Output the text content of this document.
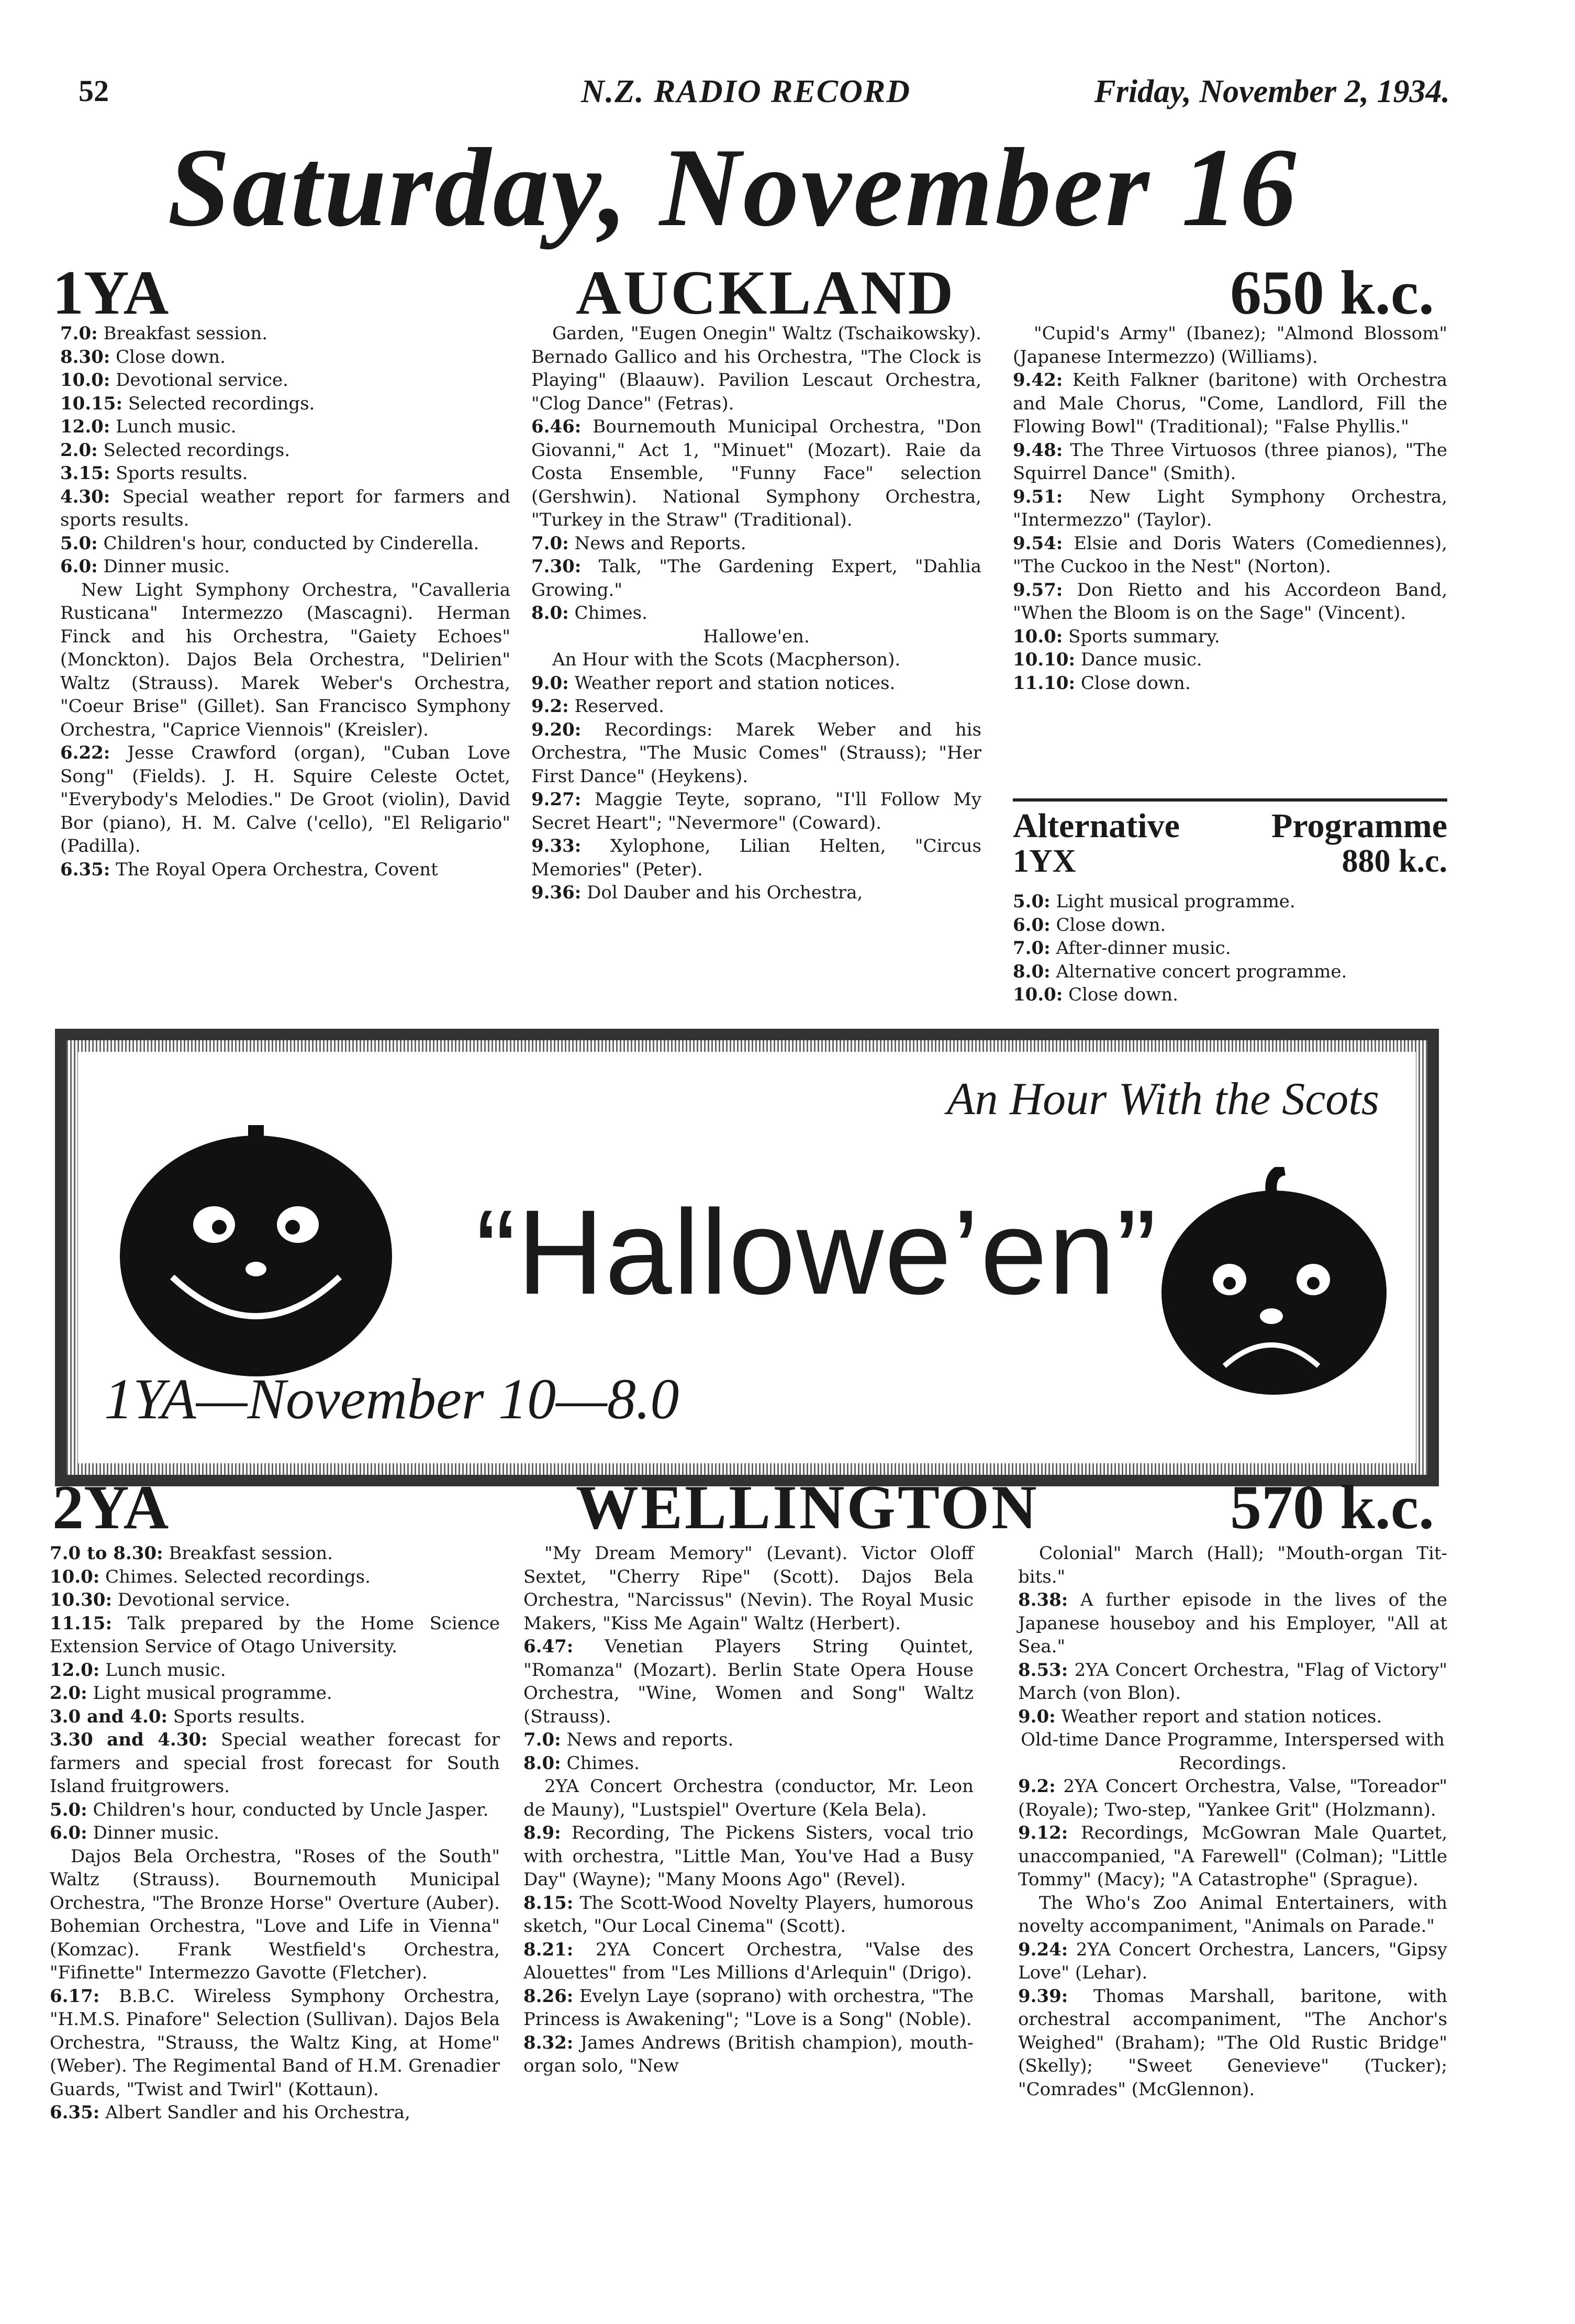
52	N.Z. RADIO RECORD	Friday, November 2, 1934.
Saturday, November 16
1YA	AUCKLAND	650 k.c.

7.0: Breakfast session.

8.30: Close down.

10.0: Devotional service.

10.15: Selected recordings.

12.0: Lunch music.

2.0: Selected recordings.

3.15: Sports results.

4.30: Special weather report for farmers and sports results.

5.0: Children's hour, conducted by Cinderella.

6.0: Dinner music.

New Light Symphony Orchestra, "Cavalleria Rusticana" Intermezzo (Mascagni). Herman Finck and his Orchestra, "Gaiety Echoes" (Monckton). Dajos Bela Orchestra, "Delirien" Waltz (Strauss). Marek Weber's Orchestra, "Coeur Brise" (Gillet). San Francisco Symphony Orchestra, "Caprice Viennois" (Kreisler).

6.22: Jesse Crawford (organ), "Cuban Love Song" (Fields). J. H. Squire Celeste Octet, "Everybody's Melodies." De Groot (violin), David Bor (piano), H. M. Calve ('cello), "El Religario" (Padilla).

6.35: The Royal Opera Orchestra, Covent

Garden, "Eugen Onegin" Waltz (Tschaikowsky). Bernado Gallico and his Orchestra, "The Clock is Playing" (Blaauw). Pavilion Lescaut Orchestra, "Clog Dance" (Fetras).

6.46: Bournemouth Municipal Orchestra, "Don Giovanni," Act 1, "Minuet" (Mozart). Raie da Costa Ensemble, "Funny Face" selection (Gershwin). National Symphony Orchestra, "Turkey in the Straw" (Traditional).

7.0: News and Reports.

7.30: Talk, "The Gardening Expert, "Dahlia Growing."

8.0: Chimes.

Hallowe'en.

An Hour with the Scots (Macpherson).

9.0: Weather report and station notices.

9.2: Reserved.

9.20: Recordings: Marek Weber and his Orchestra, "The Music Comes" (Strauss); "Her First Dance" (Heykens).

9.27: Maggie Teyte, soprano, "I'll Follow My Secret Heart"; "Nevermore" (Coward).

9.33: Xylophone, Lilian Helten, "Circus Memories" (Peter).

9.36: Dol Dauber and his Orchestra,

"Cupid's Army" (Ibanez); "Almond Blossom" (Japanese Intermezzo) (Williams).

9.42: Keith Falkner (baritone) with Orchestra and Male Chorus, "Come, Landlord, Fill the Flowing Bowl" (Traditional); "False Phyllis."

9.48: The Three Virtuosos (three pianos), "The Squirrel Dance" (Smith).

9.51: New Light Symphony Orchestra, "Intermezzo" (Taylor).

9.54: Elsie and Doris Waters (Comediennes), "The Cuckoo in the Nest" (Norton).

9.57: Don Rietto and his Accordeon Band, "When the Bloom is on the Sage" (Vincent).

10.0: Sports summary.

10.10: Dance music.

11.10: Close down.

Alternative	Programme
1YX	880 k.c.

5.0: Light musical programme.

6.0: Close down.

7.0: After-dinner music.

8.0: Alternative concert programme.

10.0: Close down.

An Hour With the Scots
“Hallowe’en”
1YA—November 10—8.0
2YA	WELLINGTON	570 k.c.

7.0 to 8.30: Breakfast session.

10.0: Chimes. Selected recordings.

10.30: Devotional service.

11.15: Talk prepared by the Home Science Extension Service of Otago University.

12.0: Lunch music.

2.0: Light musical programme.

3.0 and 4.0: Sports results.

3.30 and 4.30: Special weather forecast for farmers and special frost forecast for South Island fruitgrowers.

5.0: Children's hour, conducted by Uncle Jasper.

6.0: Dinner music.

Dajos Bela Orchestra, "Roses of the South" Waltz (Strauss). Bournemouth Municipal Orchestra, "The Bronze Horse" Overture (Auber). Bohemian Orchestra, "Love and Life in Vienna" (Komzac). Frank Westfield's Orchestra, "Fifinette" Intermezzo Gavotte (Fletcher).

6.17: B.B.C. Wireless Symphony Orchestra, "H.M.S. Pinafore" Selection (Sullivan). Dajos Bela Orchestra, "Strauss, the Waltz King, at Home" (Weber). The Regimental Band of H.M. Grenadier Guards, "Twist and Twirl" (Kottaun).

6.35: Albert Sandler and his Orchestra,

"My Dream Memory" (Levant). Victor Oloff Sextet, "Cherry Ripe" (Scott). Dajos Bela Orchestra, "Narcissus" (Nevin). The Royal Music Makers, "Kiss Me Again" Waltz (Herbert).

6.47: Venetian Players String Quintet, "Romanza" (Mozart). Berlin State Opera House Orchestra, "Wine, Women and Song" Waltz (Strauss).

7.0: News and reports.

8.0: Chimes.

2YA Concert Orchestra (conductor, Mr. Leon de Mauny), "Lustspiel" Overture (Kela Bela).

8.9: Recording, The Pickens Sisters, vocal trio with orchestra, "Little Man, You've Had a Busy Day" (Wayne); "Many Moons Ago" (Revel).

8.15: The Scott-Wood Novelty Players, humorous sketch, "Our Local Cinema" (Scott).

8.21: 2YA Concert Orchestra, "Valse des Alouettes" from "Les Millions d'Arlequin" (Drigo).

8.26: Evelyn Laye (soprano) with orchestra, "The Princess is Awakening"; "Love is a Song" (Noble).

8.32: James Andrews (British champion), mouth-organ solo, "New

Colonial" March (Hall); "Mouth-organ Tit-bits."

8.38: A further episode in the lives of the Japanese houseboy and his Employer, "All at Sea."

8.53: 2YA Concert Orchestra, "Flag of Victory" March (von Blon).

9.0: Weather report and station notices.

Old-time Dance Programme, Interspersed with Recordings.

9.2: 2YA Concert Orchestra, Valse, "Toreador" (Royale); Two-step, "Yankee Grit" (Holzmann).

9.12: Recordings, McGowran Male Quartet, unaccompanied, "A Farewell" (Colman); "Little Tommy" (Macy); "A Catastrophe" (Sprague).

The Who's Zoo Animal Entertainers, with novelty accompaniment, "Animals on Parade."

9.24: 2YA Concert Orchestra, Lancers, "Gipsy Love" (Lehar).

9.39: Thomas Marshall, baritone, with orchestral accompaniment, "The Anchor's Weighed" (Braham); "The Old Rustic Bridge" (Skelly); "Sweet Genevieve" (Tucker); "Comrades" (McGlennon).
